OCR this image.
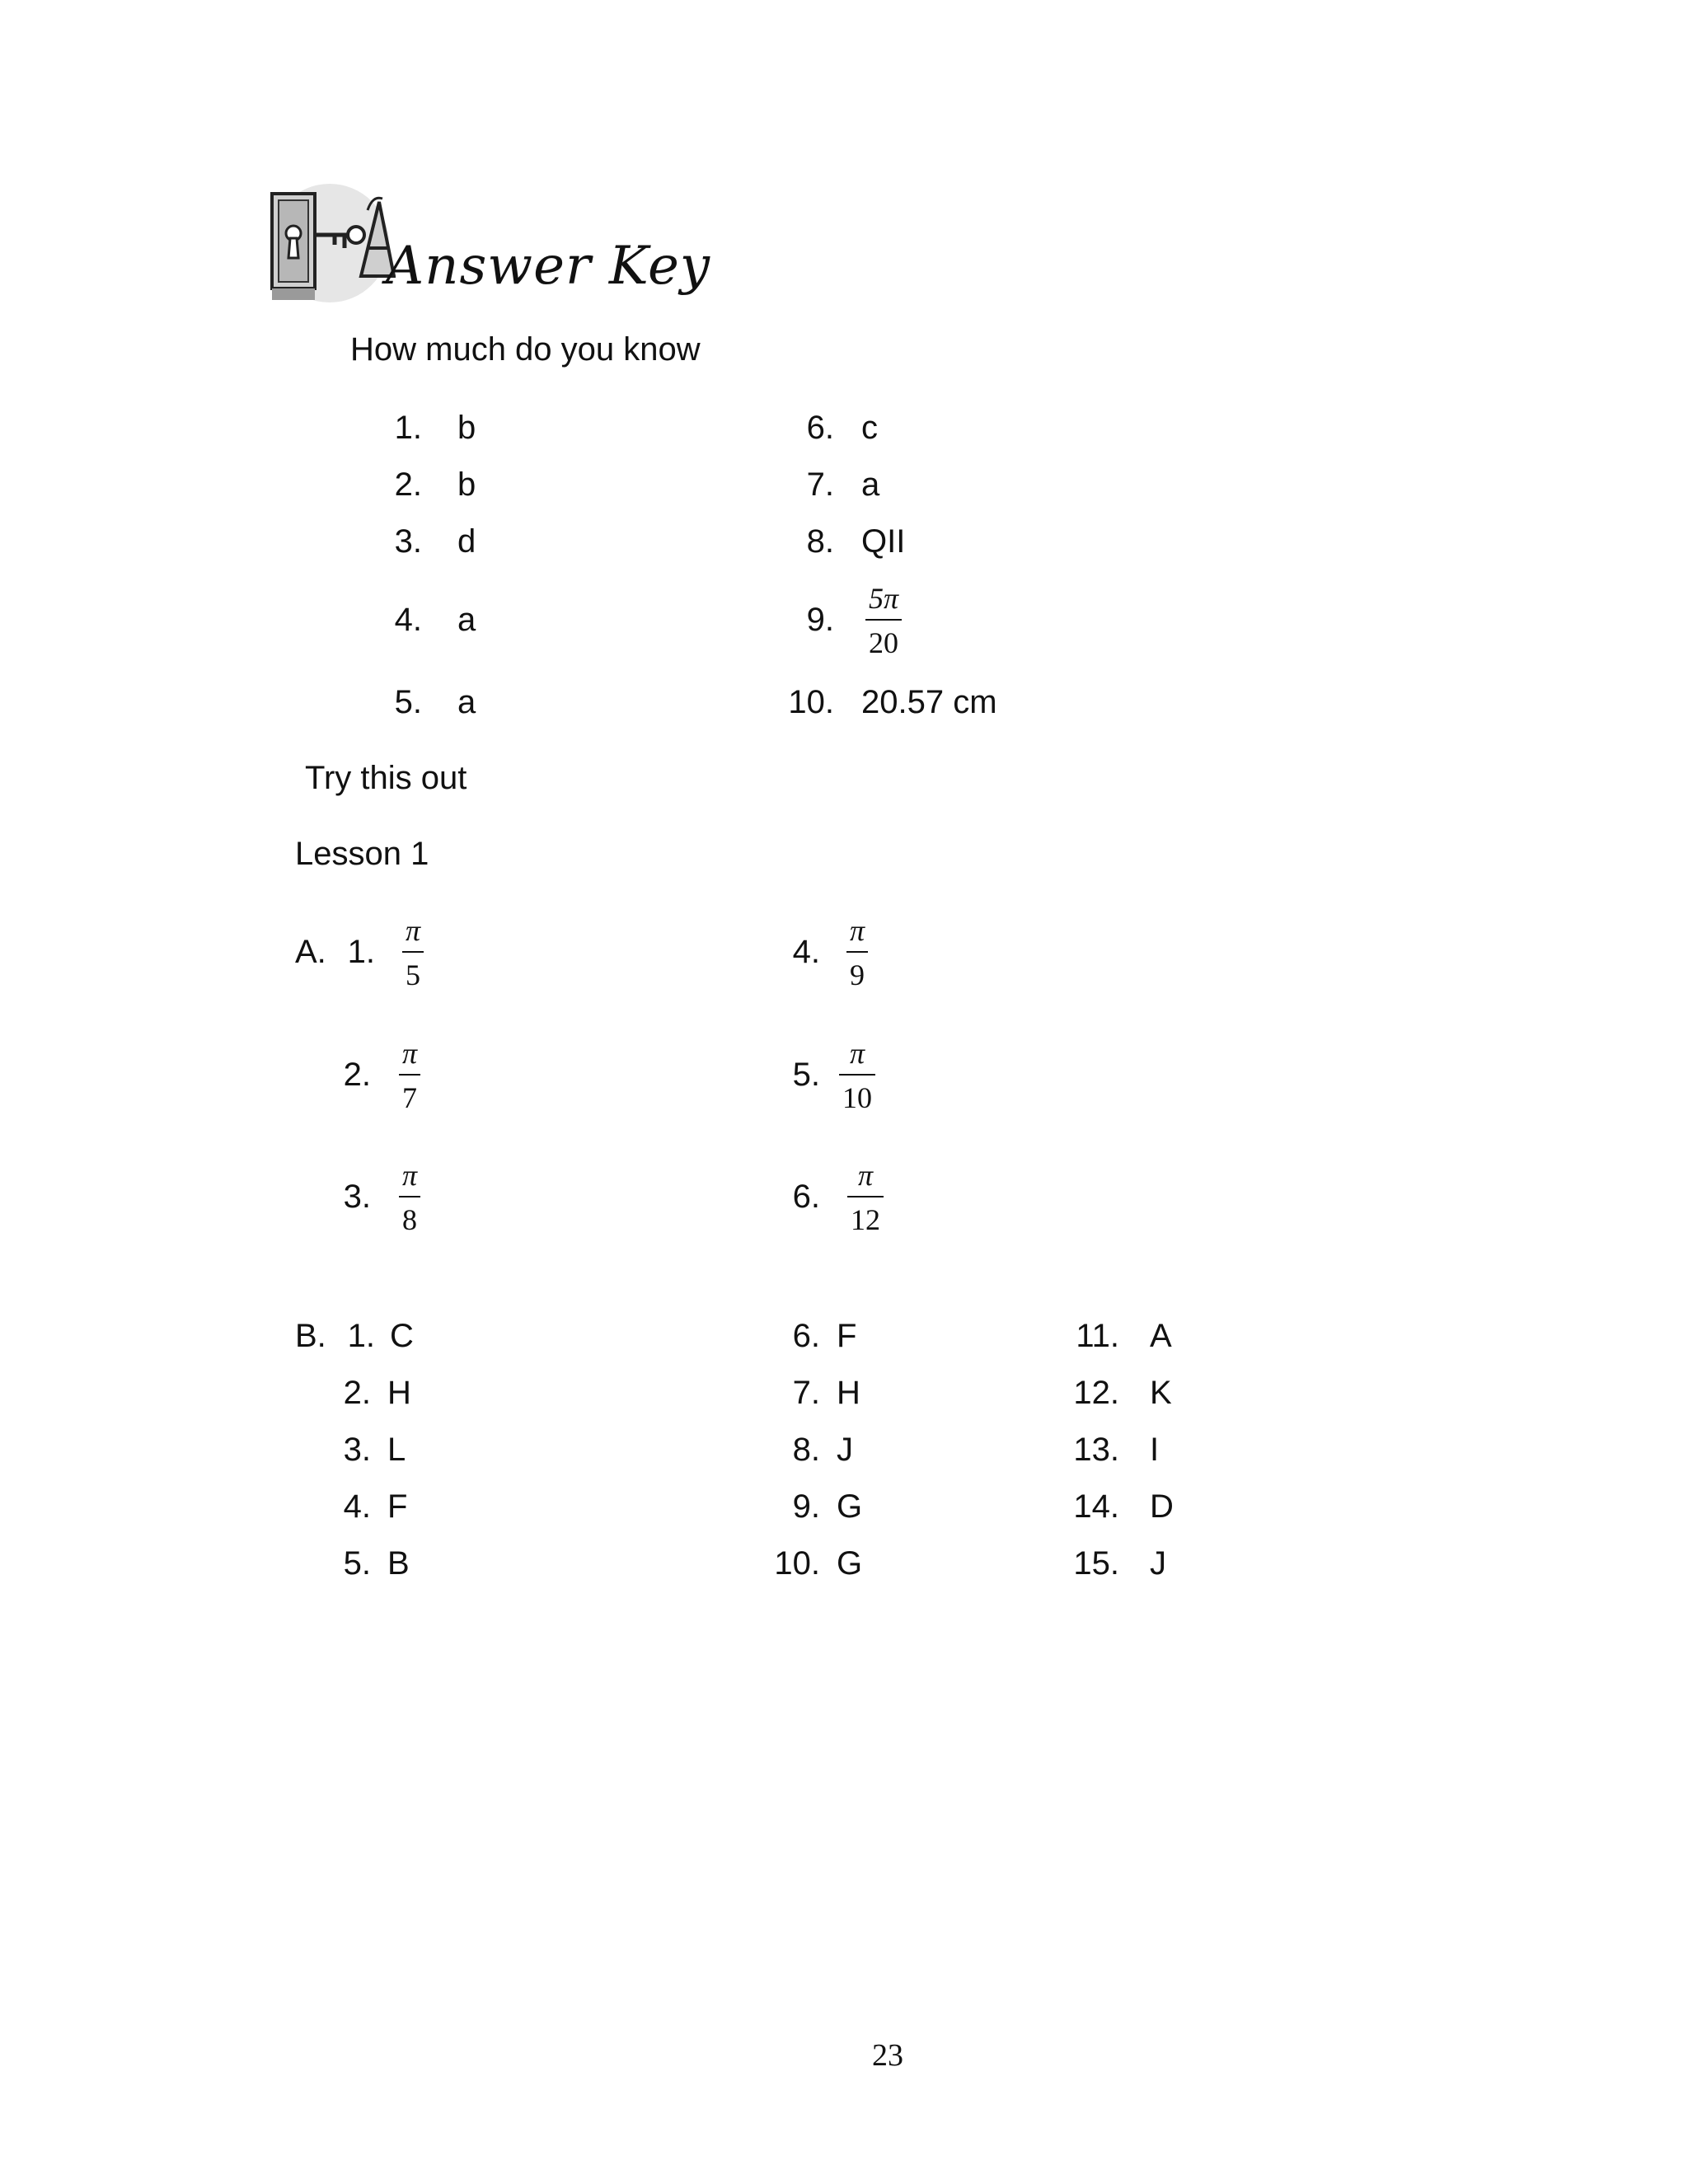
Answer Key
How much do you know
1. b
2. b
3. d
4. a
5. a
6. c
7. a
8. QII
9.
5π
20
10. 20.57 cm
Try this out
Lesson 1
A. 1.
π
5
2.
π
7
3.
π
8
4.
π
9
5.
π
10
6.
π
12
B. 1. C
2. H
3. L
4. F
5. B
6. F
7. H
8. J
9. G
10. G
11. A
12. K
13. I
14. D
15. J
23
